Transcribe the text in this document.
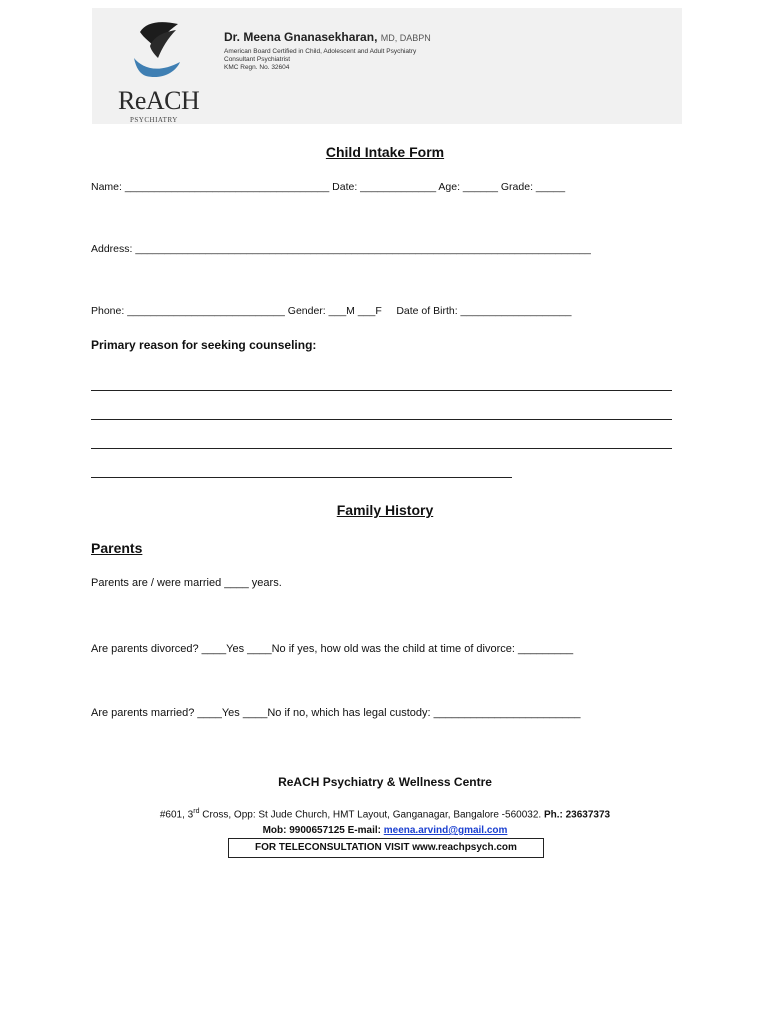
ReACH
PSYCHIATRY
Dr. Meena Gnanasekharan, MD, DABPN
American Board Certified in Child, Adolescent and Adult Psychiatry
Consultant Psychiatrist
KMC Regn. No. 32604
Child Intake Form
Name: ___________________________________ Date: _____________ Age: ______ Grade: _____
Address: ______________________________________________________________________________
Phone: ___________________________ Gender: ___M ___F     Date of Birth: ___________________
Primary reason for seeking counseling:
Family History
Parents
Parents are / were married ____ years.
Are parents divorced? ____Yes ____No if yes, how old was the child at time of divorce: _________
Are parents married? ____Yes ____No if no, which has legal custody: ________________________
ReACH Psychiatry & Wellness Centre
#601, 3rd Cross, Opp: St Jude Church, HMT Layout, Ganganagar, Bangalore -560032. Ph.: 23637373
Mob: 9900657125 E-mail: meena.arvind@gmail.com
FOR TELECONSULTATION VISIT www.reachpsych.com
